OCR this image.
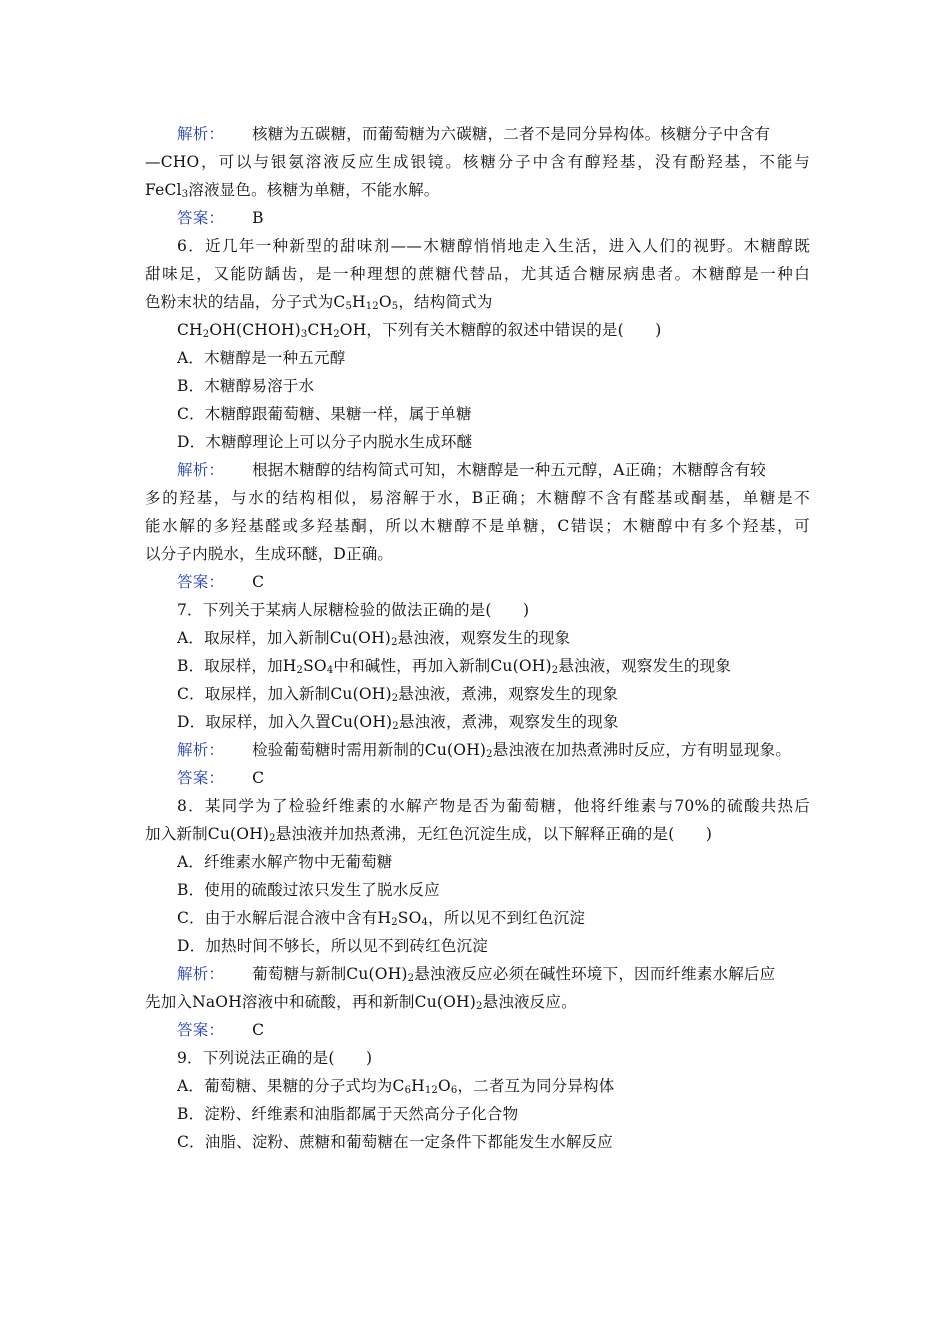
解析： 核糖为五碳糖，而葡萄糖为六碳糖，二者不是同分异构体。核糖分子中含有
—CHO，可以与银氨溶液反应生成银镜。核糖分子中含有醇羟基，没有酚羟基，不能与
FeCl$_3$溶液显色。核糖为单糖，不能水解。
答案： B
6．近几年一种新型的甜味剂——木糖醇悄悄地走入生活，进入人们的视野。木糖醇既
甜味足，又能防龋齿，是一种理想的蔗糖代替品，尤其适合糖尿病患者。木糖醇是一种白
色粉末状的结晶，分子式为$C_5H_{12}O_5$，结构简式为
$CH_2OH(CHOH)_3CH_2OH$，下列有关木糖醇的叙述中错误的是(　　)
A．木糖醇是一种五元醇
B．木糖醇易溶于水
C．木糖醇跟葡萄糖、果糖一样，属于单糖
D．木糖醇理论上可以分子内脱水生成环醚
解析： 根据木糖醇的结构简式可知，木糖醇是一种五元醇，A正确；木糖醇含有较
多的羟基，与水的结构相似，易溶解于水，B正确；木糖醇不含有醛基或酮基，单糖是不
能水解的多羟基醛或多羟基酮，所以木糖醇不是单糖，C错误；木糖醇中有多个羟基，可
以分子内脱水，生成环醚，D正确。
答案： C
7．下列关于某病人尿糖检验的做法正确的是(　　)
A．取尿样，加入新制$Cu(OH)_2$悬浊液，观察发生的现象
B．取尿样，加$H_2SO_4$中和碱性，再加入新制$Cu(OH)_2$悬浊液，观察发生的现象
C．取尿样，加入新制$Cu(OH)_2$悬浊液，煮沸，观察发生的现象
D．取尿样，加入久置$Cu(OH)_2$悬浊液，煮沸，观察发生的现象
解析： 检验葡萄糖时需用新制的$Cu(OH)_2$悬浊液在加热煮沸时反应，方有明显现象。
答案： C
8．某同学为了检验纤维素的水解产物是否为葡萄糖，他将纤维素与70%的硫酸共热后
加入新制$Cu(OH)_2$悬浊液并加热煮沸，无红色沉淀生成，以下解释正确的是(　　)
A．纤维素水解产物中无葡萄糖
B．使用的硫酸过浓只发生了脱水反应
C．由于水解后混合液中含有$H_2SO_4$，所以见不到红色沉淀
D．加热时间不够长，所以见不到砖红色沉淀
解析： 葡萄糖与新制$Cu(OH)_2$悬浊液反应必须在碱性环境下，因而纤维素水解后应
先加入NaOH溶液中和硫酸，再和新制$Cu(OH)_2$悬浊液反应。
答案： C
9．下列说法正确的是(　　)
A．葡萄糖、果糖的分子式均为$C_6H_{12}O_6$，二者互为同分异构体
B．淀粉、纤维素和油脂都属于天然高分子化合物
C．油脂、淀粉、蔗糖和葡萄糖在一定条件下都能发生水解反应
